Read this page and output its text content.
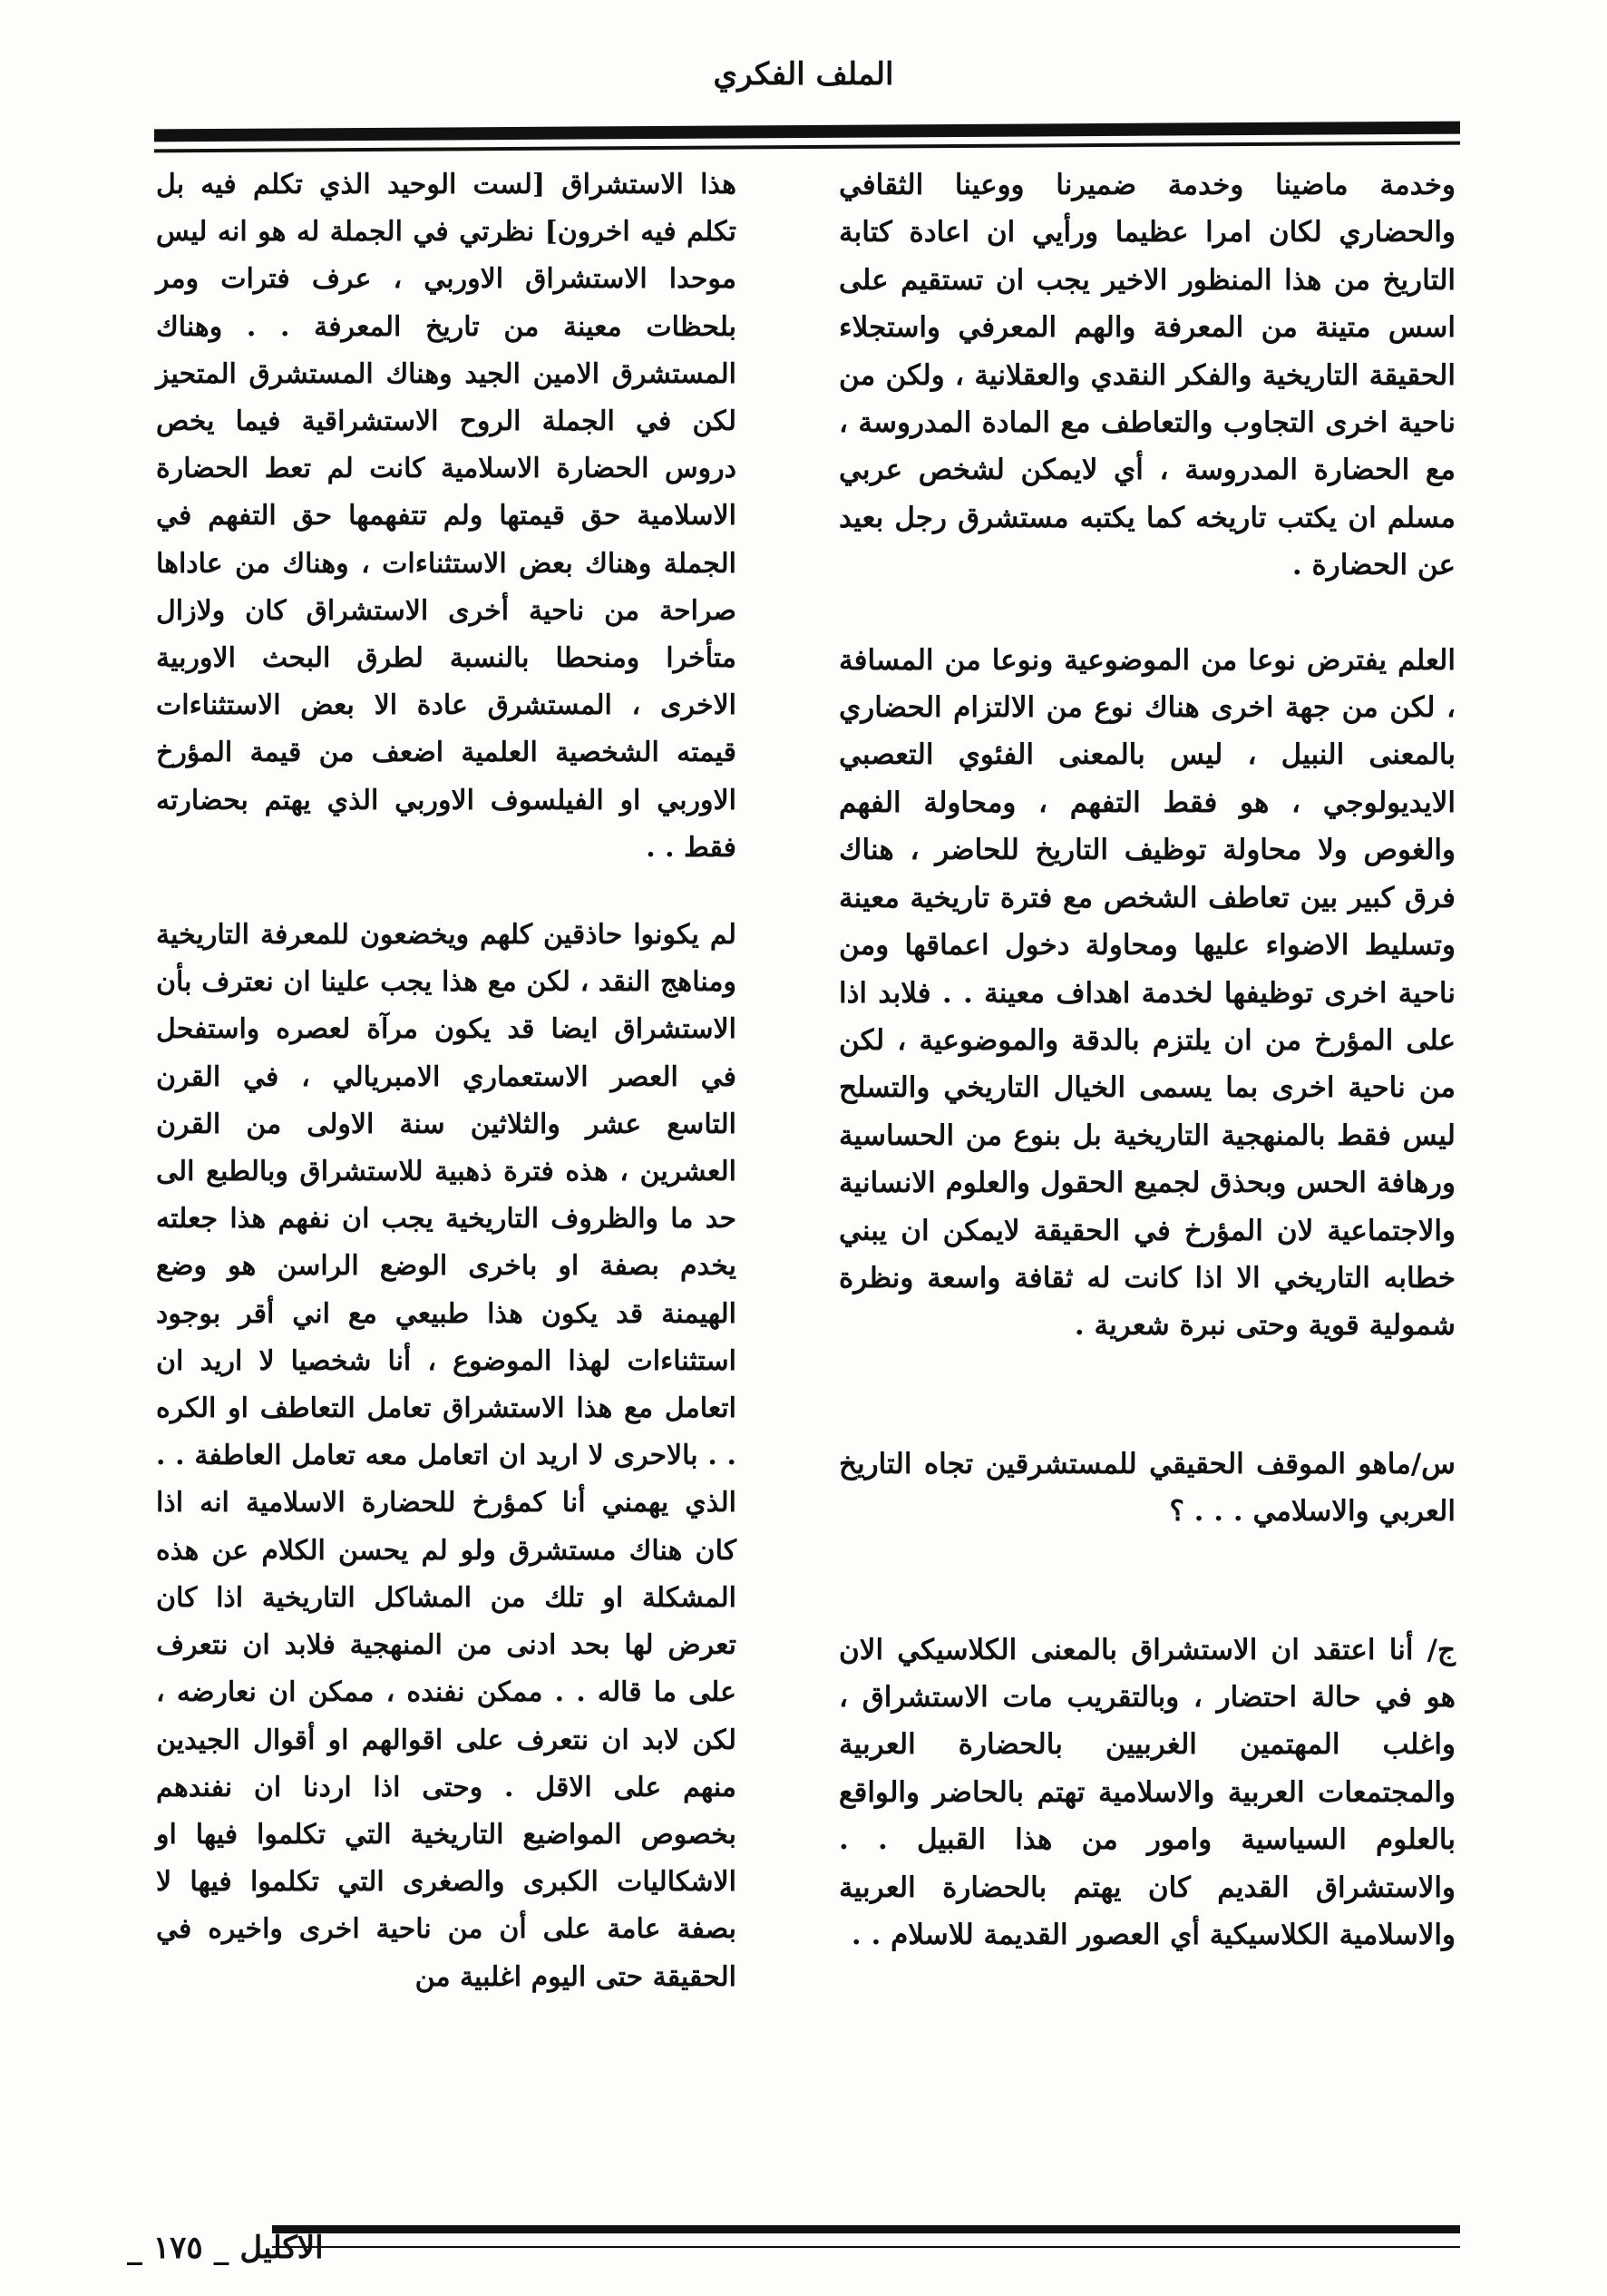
الملف الفكري

وخدمة ماضينا وخدمة ضميرنا ووعينا الثقافي والحضاري لكان امرا عظيما ورأيي ان اعادة كتابة التاريخ من هذا المنظور الاخير يجب ان تستقيم على اسس متينة من المعرفة والهم المعرفي واستجلاء الحقيقة التاريخية والفكر النقدي والعقلانية ، ولكن من ناحية اخرى التجاوب والتعاطف مع المادة المدروسة ، مع الحضارة المدروسة ، أي لايمكن لشخص عربي مسلم ان يكتب تاريخه كما يكتبه مستشرق رجل بعيد عن الحضارة .

العلم يفترض نوعا من الموضوعية ونوعا من المسافة ، لكن من جهة اخرى هناك نوع من الالتزام الحضاري بالمعنى النبيل ، ليس بالمعنى الفئوي التعصبي الايديولوجي ، هو فقط التفهم ، ومحاولة الفهم والغوص ولا محاولة توظيف التاريخ للحاضر ، هناك فرق كبير بين تعاطف الشخص مع فترة تاريخية معينة وتسليط الاضواء عليها ومحاولة دخول اعماقها ومن ناحية اخرى توظيفها لخدمة اهداف معينة . . فلابد اذا على المؤرخ من ان يلتزم بالدقة والموضوعية ، لكن من ناحية اخرى بما يسمى الخيال التاريخي والتسلح ليس فقط بالمنهجية التاريخية بل بنوع من الحساسية ورهافة الحس وبحذق لجميع الحقول والعلوم الانسانية والاجتماعية لان المؤرخ في الحقيقة لايمكن ان يبني خطابه التاريخي الا اذا كانت له ثقافة واسعة ونظرة شمولية قوية وحتى نبرة شعرية .

س/ماهو الموقف الحقيقي للمستشرقين تجاه التاريخ العربي والاسلامي . . . ؟

ج/ أنا اعتقد ان الاستشراق بالمعنى الكلاسيكي الان هو في حالة احتضار ، وبالتقريب مات الاستشراق ، واغلب المهتمين الغربيين بالحضارة العربية والمجتمعات العربية والاسلامية تهتم بالحاضر والواقع بالعلوم السياسية وامور من هذا القبيل . . والاستشراق القديم كان يهتم بالحضارة العربية والاسلامية الكلاسيكية أي العصور القديمة للاسلام . .

هذا الاستشراق [لست الوحيد الذي تكلم فيه بل تكلم فيه اخرون] نظرتي في الجملة له هو انه ليس موحدا الاستشراق الاوربي ، عرف فترات ومر بلحظات معينة من تاريخ المعرفة . . وهناك المستشرق الامين الجيد وهناك المستشرق المتحيز لكن في الجملة الروح الاستشراقية فيما يخص دروس الحضارة الاسلامية كانت لم تعط الحضارة الاسلامية حق قيمتها ولم تتفهمها حق التفهم في الجملة وهناك بعض الاستثناءات ، وهناك من عاداها صراحة من ناحية أخرى الاستشراق كان ولازال متأخرا ومنحطا بالنسبة لطرق البحث الاوربية الاخرى ، المستشرق عادة الا بعض الاستثناءات قيمته الشخصية العلمية اضعف من قيمة المؤرخ الاوربي او الفيلسوف الاوربي الذي يهتم بحضارته فقط . .

لم يكونوا حاذقين كلهم ويخضعون للمعرفة التاريخية ومناهج النقد ، لكن مع هذا يجب علينا ان نعترف بأن الاستشراق ايضا قد يكون مرآة لعصره واستفحل في العصر الاستعماري الامبريالي ، في القرن التاسع عشر والثلاثين سنة الاولى من القرن العشرين ، هذه فترة ذهبية للاستشراق وبالطبع الى حد ما والظروف التاريخية يجب ان نفهم هذا جعلته يخدم بصفة او باخرى الوضع الراسن هو وضع الهيمنة قد يكون هذا طبيعي مع اني أقر بوجود استثناءات لهذا الموضوع ، أنا شخصيا لا اريد ان اتعامل مع هذا الاستشراق تعامل التعاطف او الكره . . بالاحرى لا اريد ان اتعامل معه تعامل العاطفة . . الذي يهمني أنا كمؤرخ للحضارة الاسلامية انه اذا كان هناك مستشرق ولو لم يحسن الكلام عن هذه المشكلة او تلك من المشاكل التاريخية اذا كان تعرض لها بحد ادنى من المنهجية فلابد ان نتعرف على ما قاله . . ممكن نفنده ، ممكن ان نعارضه ، لكن لابد ان نتعرف على اقوالهم او أقوال الجيدين منهم على الاقل . وحتى اذا اردنا ان نفندهم بخصوص المواضيع التاريخية التي تكلموا فيها او الاشكاليات الكبرى والصغرى التي تكلموا فيها لا بصفة عامة على أن من ناحية اخرى واخيره في الحقيقة حتى اليوم اغلبية من

الاكليل _ ١٧٥ _
